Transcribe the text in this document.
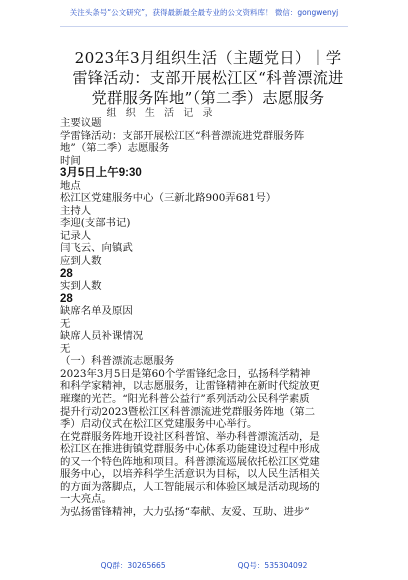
关注头条号“公文研究”，获得最新最全最专业的公文资料库！ 微信：gongwenyj
2023年3月组织生活（主题党日）｜学
雷锋活动：支部开展松江区“科普漂流进
党群服务阵地”（第二季）志愿服务
组 织 生 活 记 录
主要议题
学雷锋活动：支部开展松江区“科普漂流进党群服务阵
地”（第二季）志愿服务
时间
3月5日上午9:30
地点
松江区党建服务中心（三新北路900弄681号）
主持人
李迎(支部书记)
记录人
闫飞云、向镇武
应到人数
28
实到人数
28
缺席名单及原因
无
缺席人员补课情况
无
（一）科普漂流志愿服务
2023年3月5日是第60个学雷锋纪念日，弘扬科学精神
和科学家精神，以志愿服务，让雷锋精神在新时代绽放更
璀璨的光芒。“阳光科普公益行”系列活动公民科学素质
提升行动2023暨松江区科普漂流进党群服务阵地（第二
季）启动仪式在松江区党建服务中心举行。
在党群服务阵地开设社区科普馆、举办科普漂流活动，是
松江区在推进街镇党群服务中心体系功能建设过程中形成
的又一个特色阵地和项目。科普漂流巡展依托松江区党建
服务中心，以培养科学生活意识为目标，以人民生活相关
的方面为落脚点，人工智能展示和体验区域是活动现场的
一大亮点。
为弘扬雷锋精神，大力弘扬“奉献、友爱、互助、进步”
QQ群：30265665	QQ号：535304092
